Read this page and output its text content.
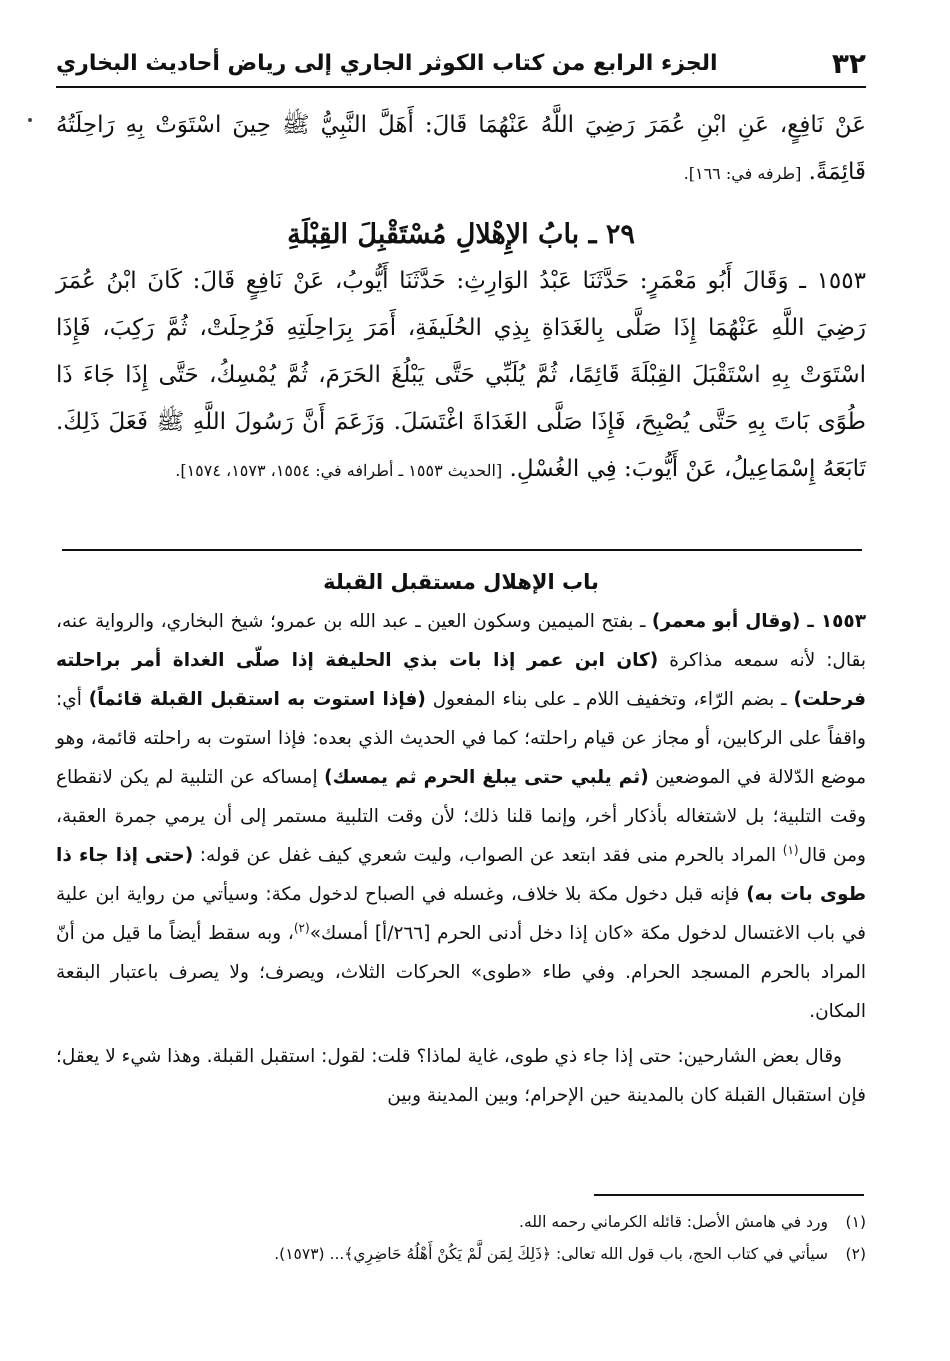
٣٢
الجزء الرابع من كتاب الكوثر الجاري إلى رياض أحاديث البخاري

عَنْ نَافِعٍ، عَنِ ابْنِ عُمَرَ رَضِيَ اللَّهُ عَنْهُمَا قَالَ: أَهَلَّ النَّبِيُّ ﷺ حِينَ اسْتَوَتْ بِهِ رَاحِلَتُهُ قَائِمَةً. [طرفه في: ١٦٦].

٢٩ ـ بابُ الإِهْلالِ مُسْتَقْبِلَ القِبْلَةِ

١٥٥٣ ـ وَقَالَ أَبُو مَعْمَرٍ: حَدَّثَنَا عَبْدُ الوَارِثِ: حَدَّثَنَا أَيُّوبُ، عَنْ نَافِعٍ قَالَ: كَانَ ابْنُ عُمَرَ رَضِيَ اللَّهِ عَنْهُمَا إِذَا صَلَّى بِالغَدَاةِ بِذِي الحُلَيفَةِ، أَمَرَ بِرَاحِلَتِهِ فَرُحِلَتْ، ثُمَّ رَكِبَ، فَإِذَا اسْتَوَتْ بِهِ اسْتَقْبَلَ القِبْلَةَ قَائِمًا، ثُمَّ يُلَبِّي حَتَّى يَبْلُغَ الحَرَمَ، ثُمَّ يُمْسِكُ، حَتَّى إِذَا جَاءَ ذَا طُوًى بَاتَ بِهِ حَتَّى يُصْبِحَ، فَإِذَا صَلَّى الغَدَاةَ اغْتَسَلَ. وَزَعَمَ أَنَّ رَسُولَ اللَّهِ ﷺ فَعَلَ ذَلِكَ. تَابَعَهُ إِسْمَاعِيلُ، عَنْ أَيُّوبَ: فِي الغُسْلِ. [الحديث ١٥٥٣ ـ أطرافه في: ١٥٥٤، ١٥٧٣، ١٥٧٤].

باب الإهلال مستقبل القبلة

١٥٥٣ ـ (وقال أبو معمر) ـ بفتح الميمين وسكون العين ـ عبد الله بن عمرو؛ شيخ البخاري، والرواية عنه، بقال: لأنه سمعه مذاكرة (كان ابن عمر إذا بات بذي الحليفة إذا صلّى الغداة أمر براحلته فرحلت) ـ بضم الرّاء، وتخفيف اللام ـ على بناء المفعول (فإذا استوت به استقبل القبلة قائماً) أي: واقفاً على الركابين، أو مجاز عن قيام راحلته؛ كما في الحديث الذي بعده: فإذا استوت به راحلته قائمة، وهو موضع الدّلالة في الموضعين (ثم يلبي حتى يبلغ الحرم ثم يمسك) إمساكه عن التلبية لم يكن لانقطاع وقت التلبية؛ بل لاشتغاله بأذكار أخر، وإنما قلنا ذلك؛ لأن وقت التلبية مستمر إلى أن يرمي جمرة العقبة، ومن قال$^{(١)}$ المراد بالحرم منى فقد ابتعد عن الصواب، وليت شعري كيف غفل عن قوله: (حتى إذا جاء ذا طوى بات به) فإنه قبل دخول مكة بلا خلاف، وغسله في الصباح لدخول مكة: وسيأتي من رواية ابن علية في باب الاغتسال لدخول مكة «كان إذا دخل أدنى الحرم [٢٦٦/أ] أمسك»$^{(٢)}$، وبه سقط أيضاً ما قيل من أنّ المراد بالحرم المسجد الحرام. وفي طاء «طوى» الحركات الثلاث، ويصرف؛ ولا يصرف باعتبار البقعة المكان.

وقال بعض الشارحين: حتى إذا جاء ذي طوى، غاية لماذا؟ قلت: لقول: استقبل القبلة. وهذا شيء لا يعقل؛ فإن استقبال القبلة كان بالمدينة حين الإحرام؛ وبين المدينة وبين

(١)ورد في هامش الأصل: قائله الكرماني رحمه الله.

(٢)سيأتي في كتاب الحج، باب قول الله تعالى: ﴿ذَلِكَ لِمَن لَّمْ يَكُنْ أَهْلُهُ حَاضِرِي﴾... (١٥٧٣).
